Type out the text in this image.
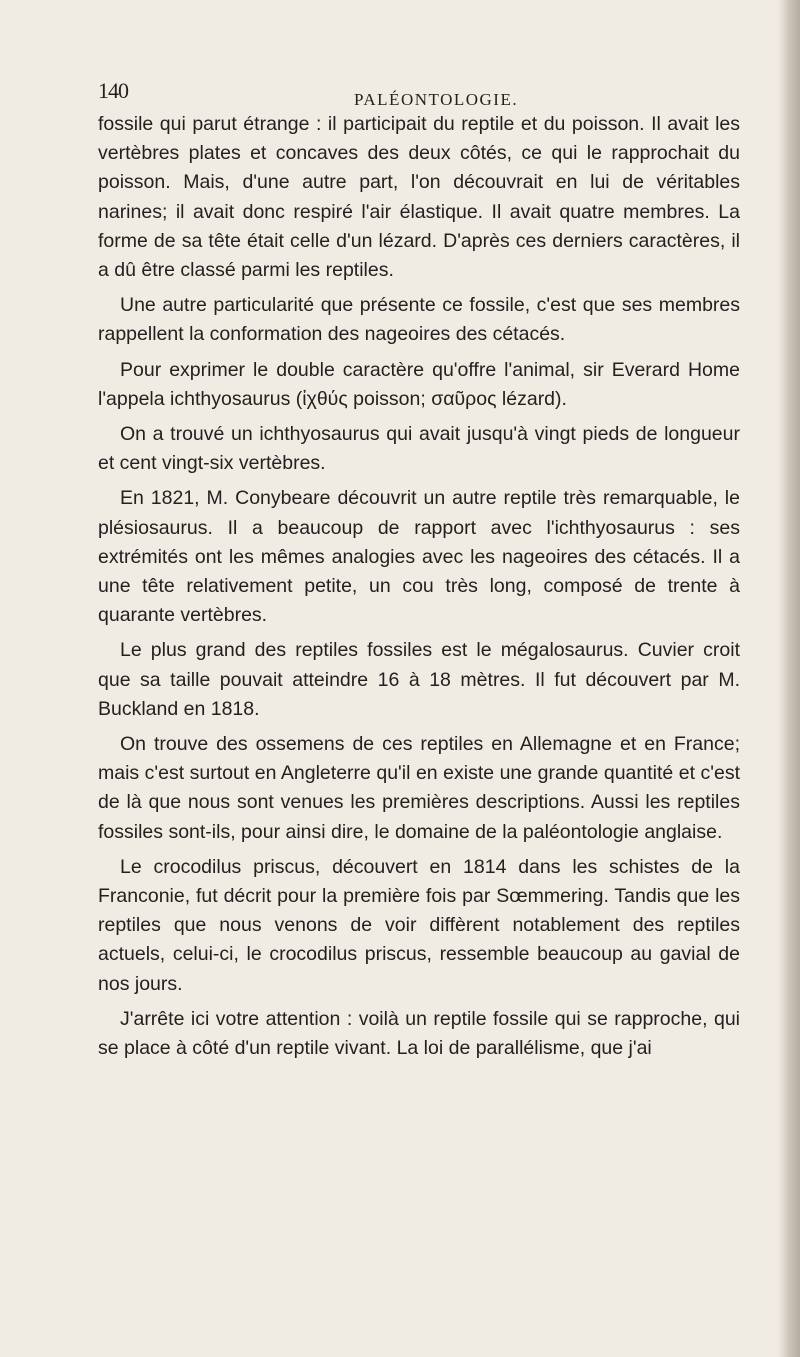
140	PALÉONTOLOGIE.

fossile qui parut étrange : il participait du reptile et du poisson. Il avait les vertèbres plates et concaves des deux côtés, ce qui le rapprochait du poisson. Mais, d'une autre part, l'on découvrait en lui de véritables narines; il avait donc respiré l'air élastique. Il avait quatre membres. La forme de sa tête était celle d'un lézard. D'après ces derniers caractères, il a dû être classé parmi les reptiles.

Une autre particularité que présente ce fossile, c'est que ses membres rappellent la conformation des nageoires des cétacés.

Pour exprimer le double caractère qu'offre l'animal, sir Everard Home l'appela ichthyosaurus (ἰχθύς poisson; σαῦρος lézard).

On a trouvé un ichthyosaurus qui avait jusqu'à vingt pieds de longueur et cent vingt-six vertèbres.

En 1821, M. Conybeare découvrit un autre reptile très remarquable, le plésiosaurus. Il a beaucoup de rapport avec l'ichthyosaurus : ses extrémités ont les mêmes analogies avec les nageoires des cétacés. Il a une tête relativement petite, un cou très long, composé de trente à quarante vertèbres.

Le plus grand des reptiles fossiles est le mégalosaurus. Cuvier croit que sa taille pouvait atteindre 16 à 18 mètres. Il fut découvert par M. Buckland en 1818.

On trouve des ossemens de ces reptiles en Allemagne et en France; mais c'est surtout en Angleterre qu'il en existe une grande quantité et c'est de là que nous sont venues les premières descriptions. Aussi les reptiles fossiles sont-ils, pour ainsi dire, le domaine de la paléontologie anglaise.

Le crocodilus priscus, découvert en 1814 dans les schistes de la Franconie, fut décrit pour la première fois par Sœmmering. Tandis que les reptiles que nous venons de voir diffèrent notablement des reptiles actuels, celui-ci, le crocodilus priscus, ressemble beaucoup au gavial de nos jours.

J'arrête ici votre attention : voilà un reptile fossile qui se rapproche, qui se place à côté d'un reptile vivant. La loi de parallélisme, que j'ai
